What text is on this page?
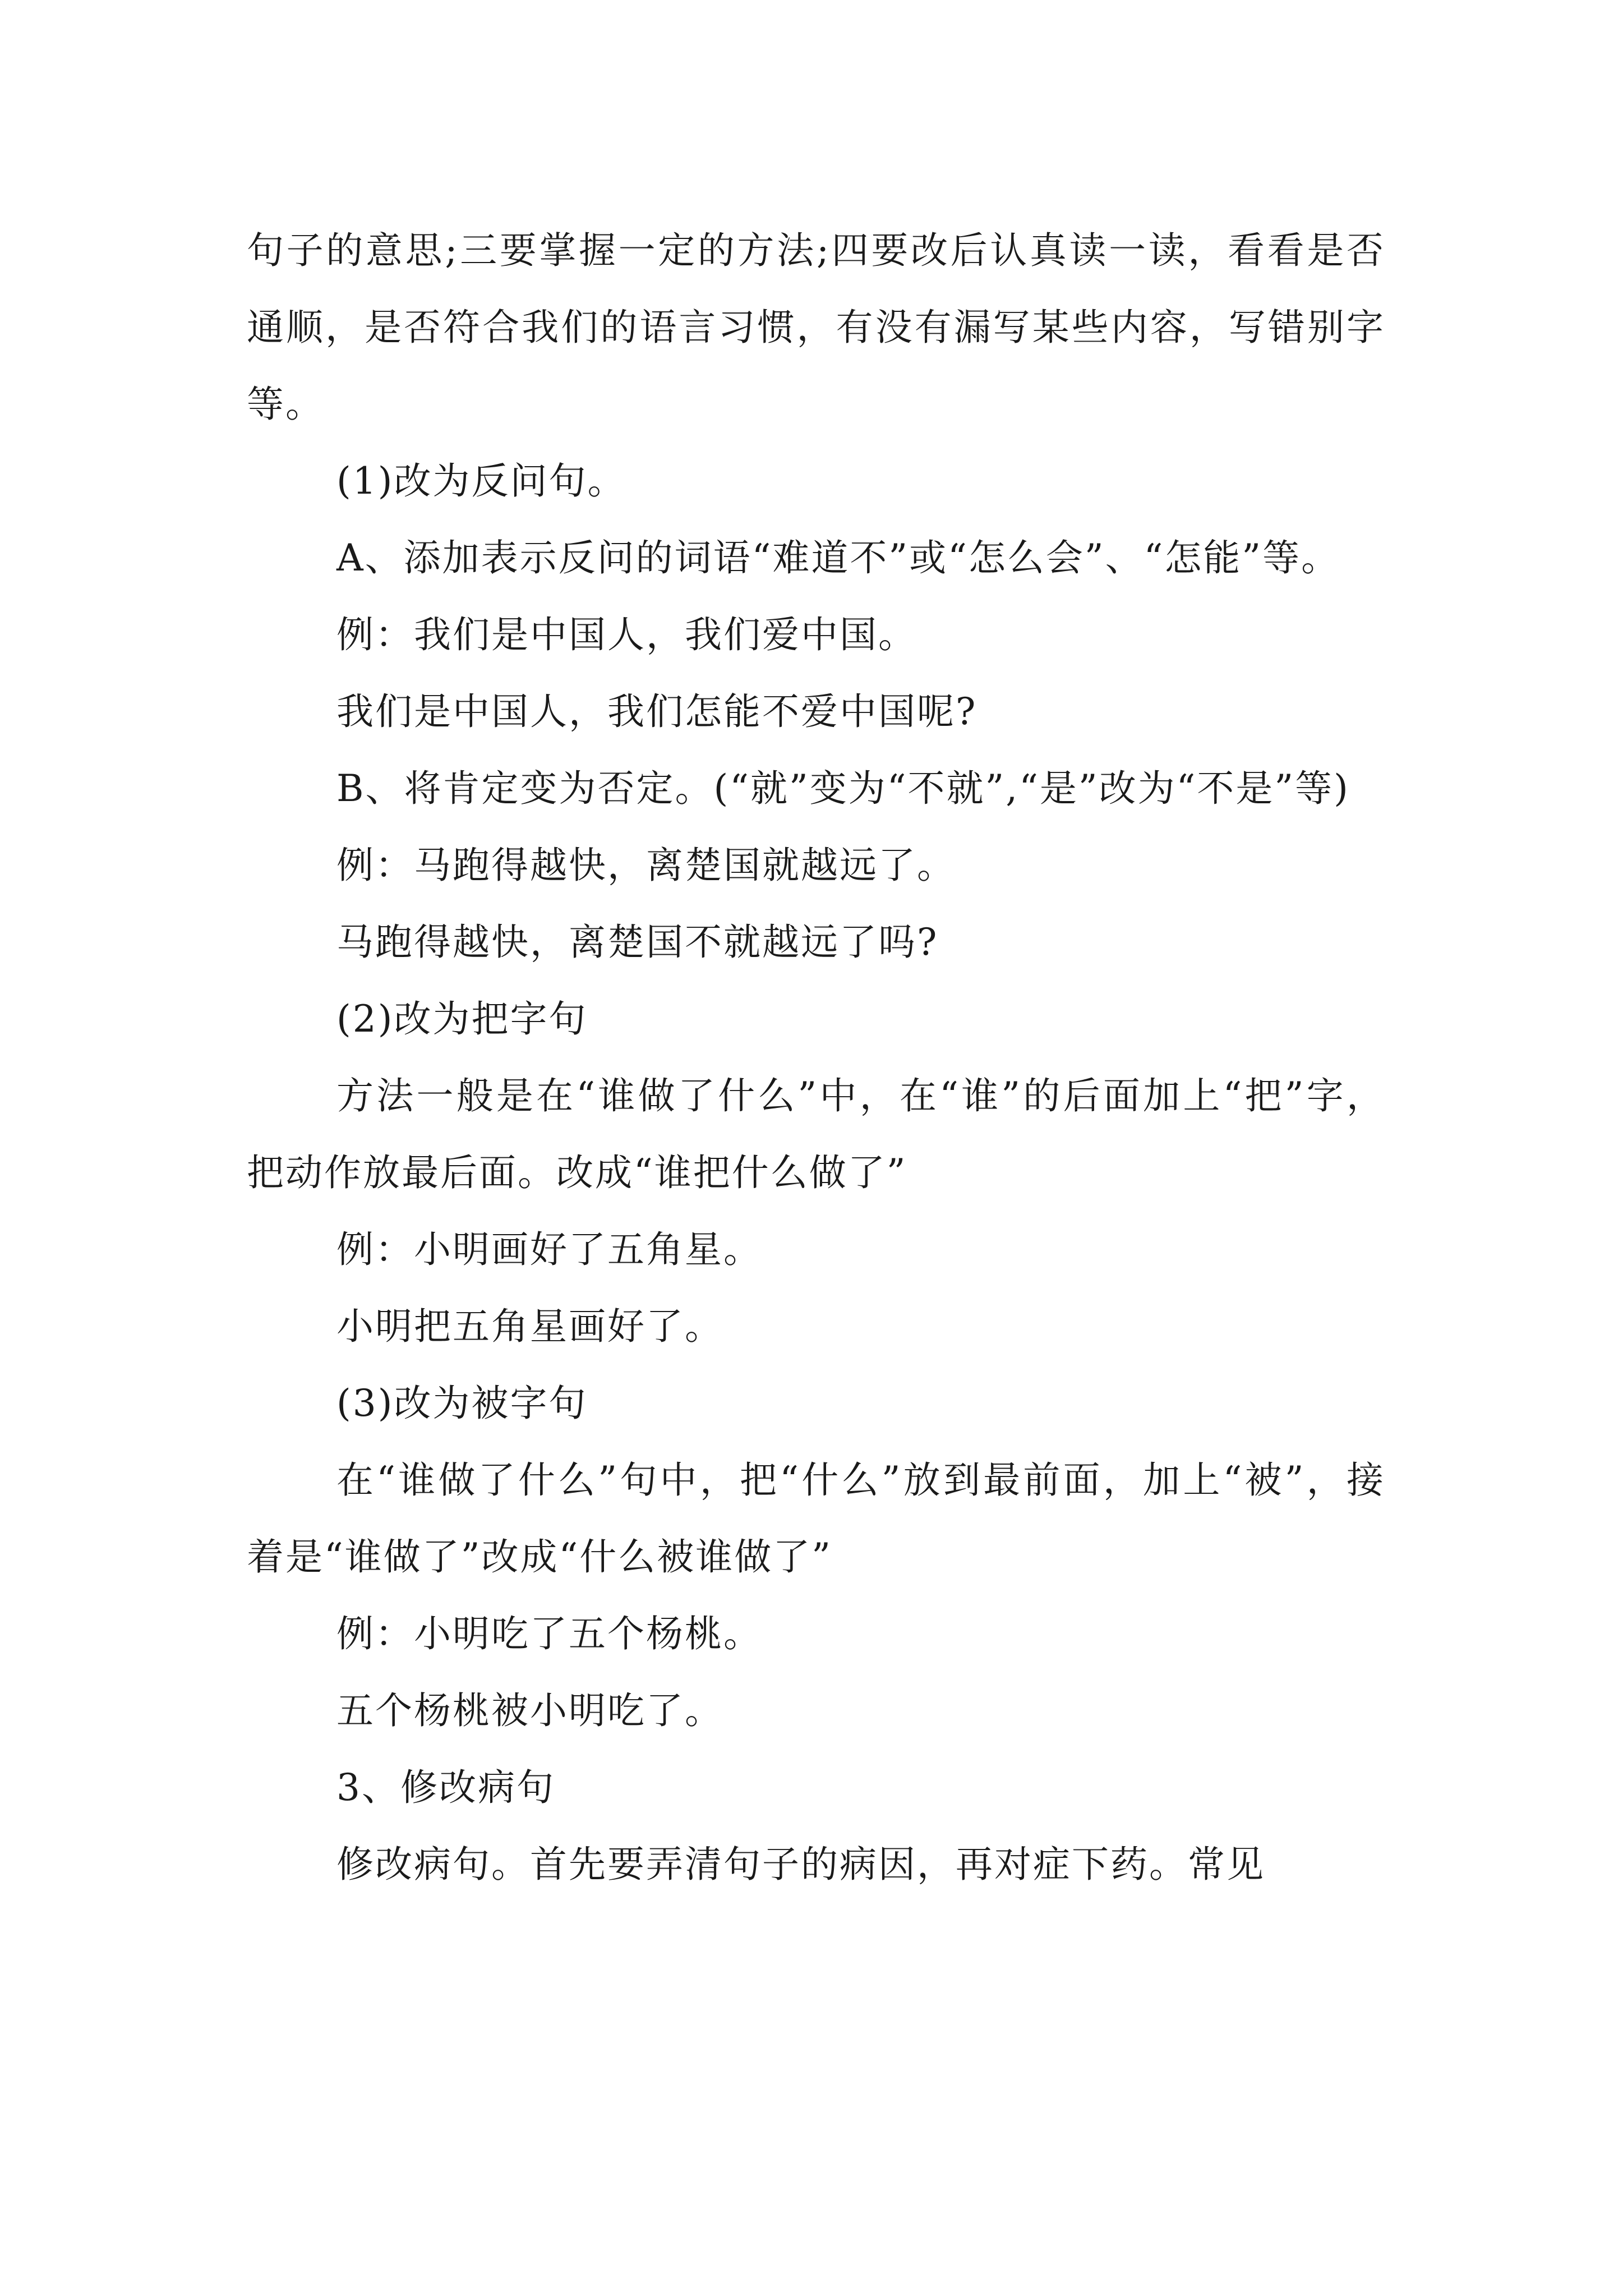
句子的意思;三要掌握一定的方法;四要改后认真读一读，看看是否通顺，是否符合我们的语言习惯，有没有漏写某些内容，写错别字等。

(1)改为反问句。

A、添加表示反问的词语“难道不”或“怎么会”、“怎能”等。

例：我们是中国人，我们爱中国。

我们是中国人，我们怎能不爱中国呢?

B、将肯定变为否定。(“就”变为“不就”,“是”改为“不是”等)

例：马跑得越快，离楚国就越远了。

马跑得越快，离楚国不就越远了吗?

(2)改为把字句

方法一般是在“谁做了什么”中，在“谁”的后面加上“把”字，把动作放最后面。改成“谁把什么做了”

例：小明画好了五角星。

小明把五角星画好了。

(3)改为被字句

在“谁做了什么”句中，把“什么”放到最前面，加上“被”，接着是“谁做了”改成“什么被谁做了”

例：小明吃了五个杨桃。

五个杨桃被小明吃了。

3、修改病句

修改病句。首先要弄清句子的病因，再对症下药。常见
